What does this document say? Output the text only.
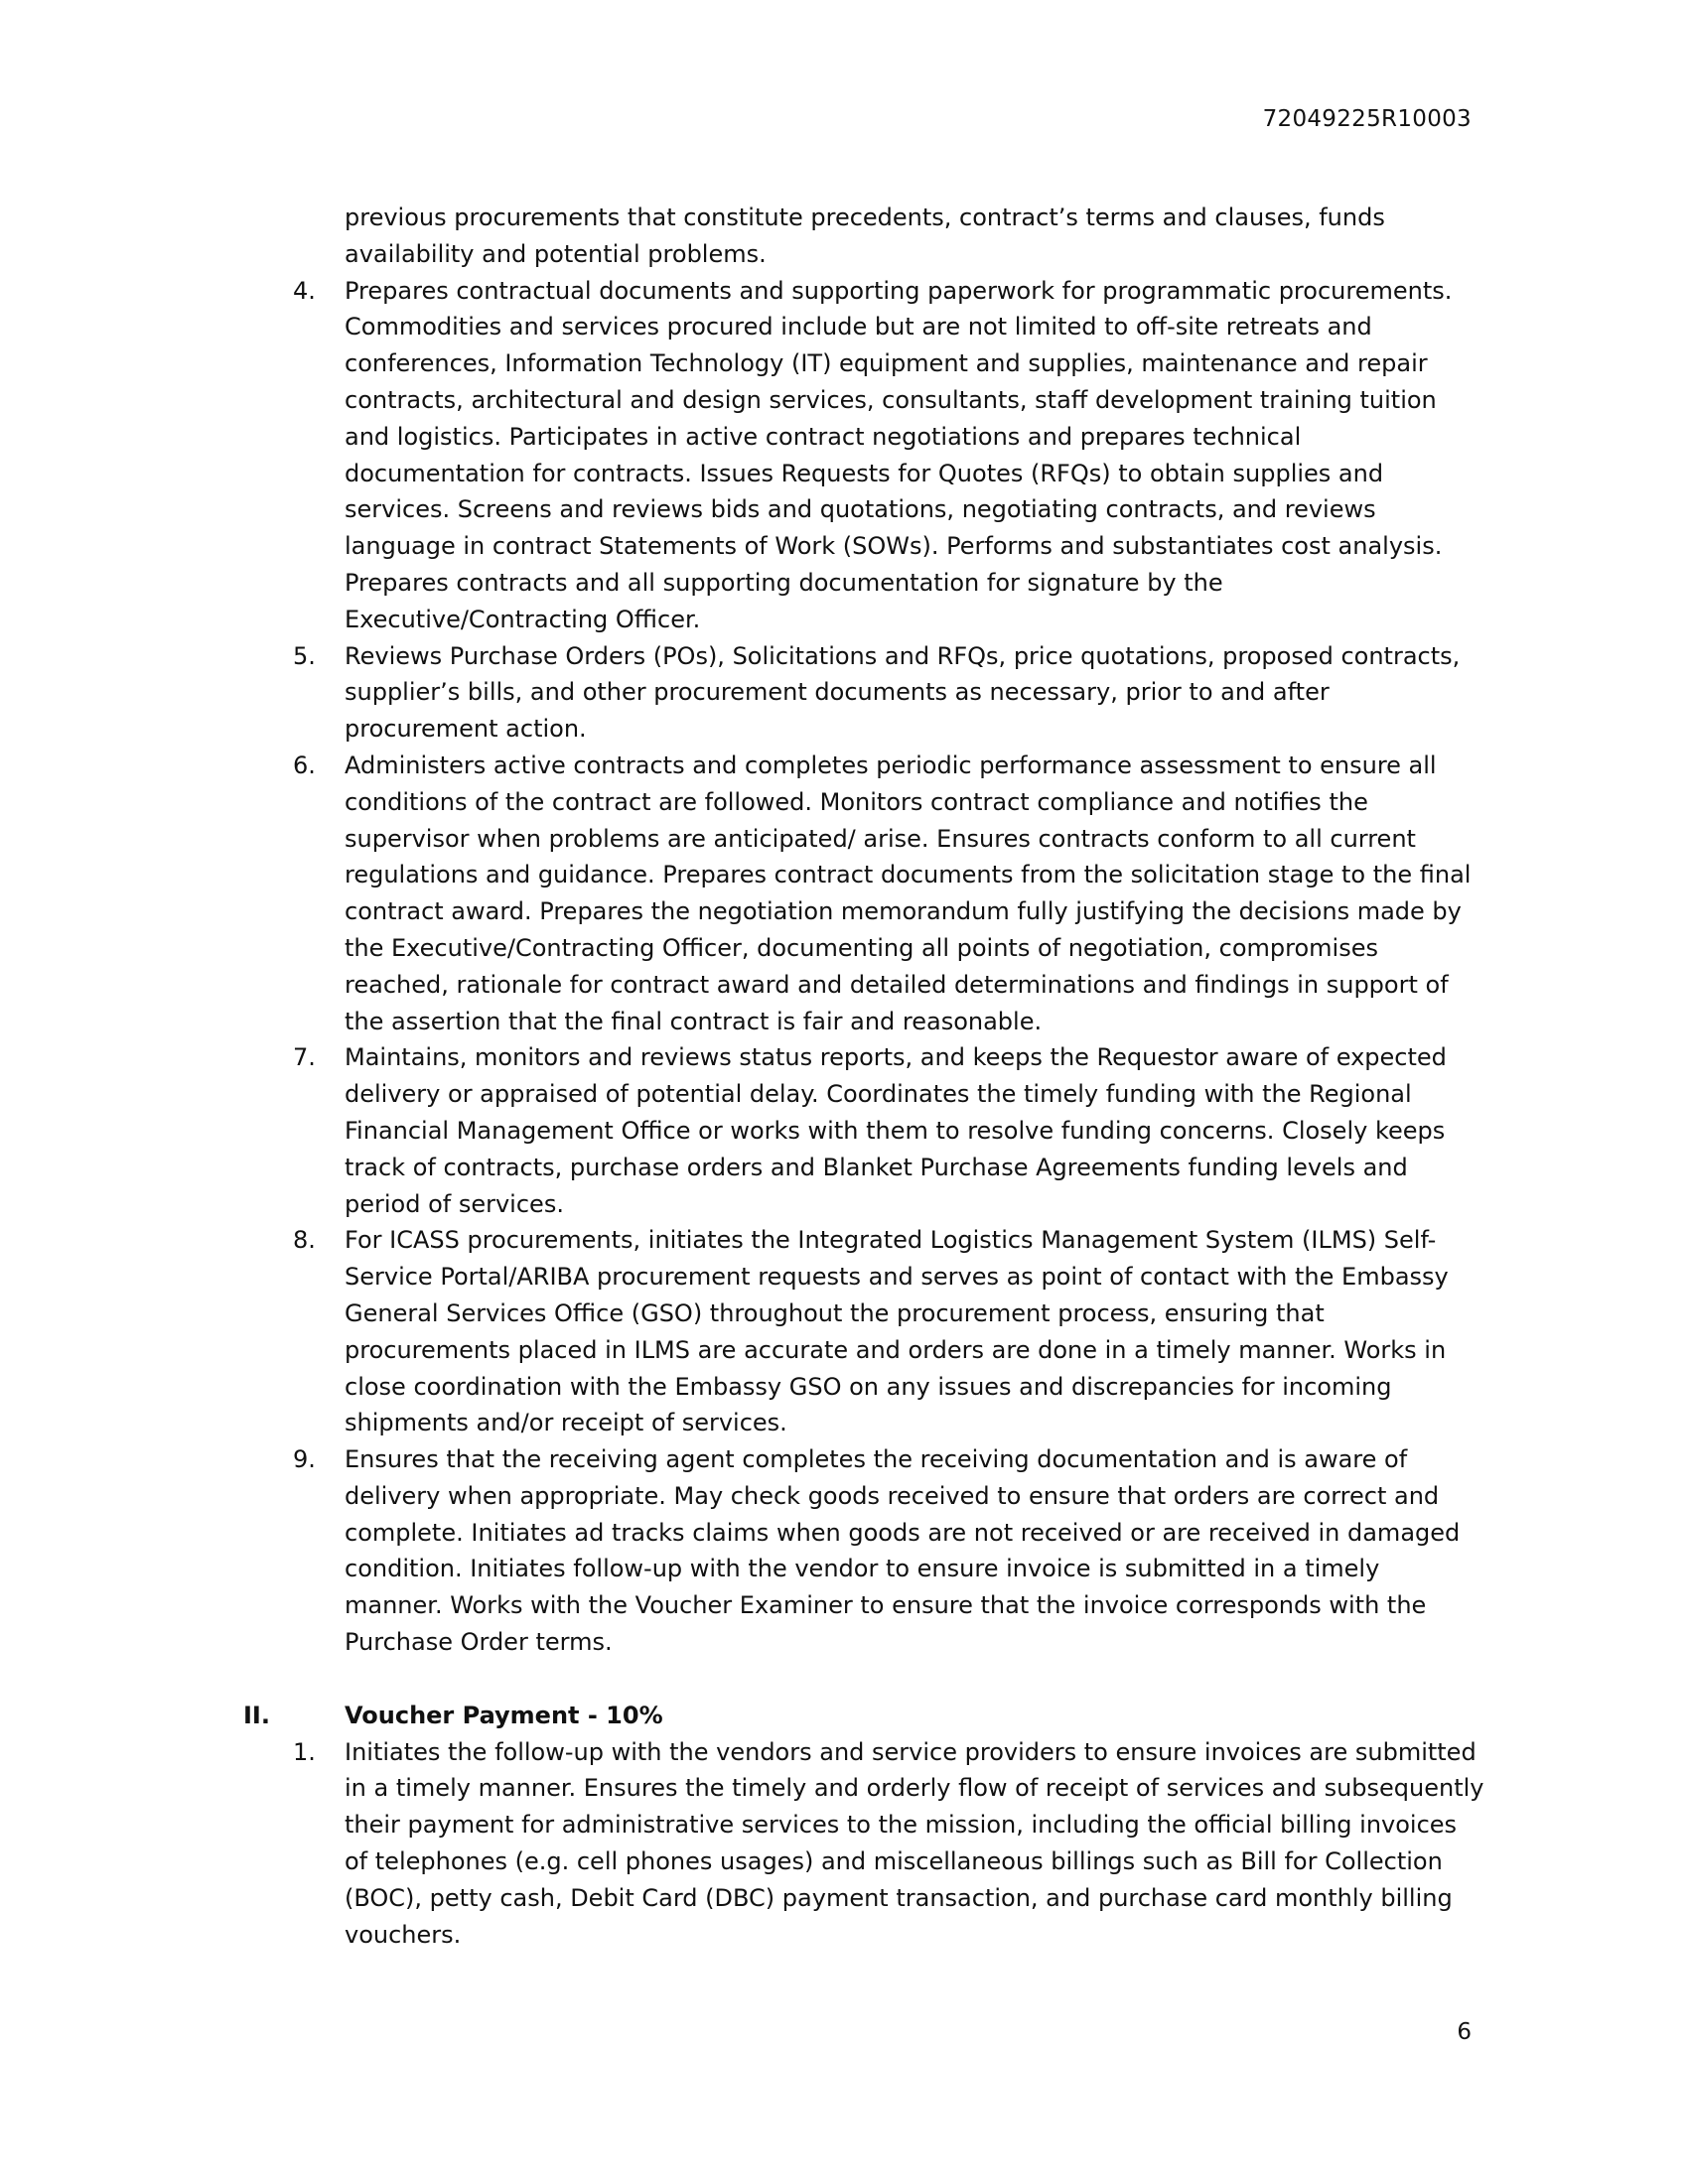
72049225R10003
previous procurements that constitute precedents, contract’s terms and clauses, funds availability and potential problems.
4. Prepares contractual documents and supporting paperwork for programmatic procurements. Commodities and services procured include but are not limited to off-site retreats and conferences, Information Technology (IT) equipment and supplies, maintenance and repair contracts, architectural and design services, consultants, staff development training tuition and logistics. Participates in active contract negotiations and prepares technical documentation for contracts. Issues Requests for Quotes (RFQs) to obtain supplies and services. Screens and reviews bids and quotations, negotiating contracts, and reviews language in contract Statements of Work (SOWs). Performs and substantiates cost analysis. Prepares contracts and all supporting documentation for signature by the Executive/Contracting Officer.
5. Reviews Purchase Orders (POs), Solicitations and RFQs, price quotations, proposed contracts, supplier’s bills, and other procurement documents as necessary, prior to and after procurement action.
6. Administers active contracts and completes periodic performance assessment to ensure all conditions of the contract are followed. Monitors contract compliance and notifies the supervisor when problems are anticipated/ arise. Ensures contracts conform to all current regulations and guidance. Prepares contract documents from the solicitation stage to the final contract award. Prepares the negotiation memorandum fully justifying the decisions made by the Executive/Contracting Officer, documenting all points of negotiation, compromises reached, rationale for contract award and detailed determinations and findings in support of the assertion that the final contract is fair and reasonable.
7. Maintains, monitors and reviews status reports, and keeps the Requestor aware of expected delivery or appraised of potential delay. Coordinates the timely funding with the Regional Financial Management Office or works with them to resolve funding concerns. Closely keeps track of contracts, purchase orders and Blanket Purchase Agreements funding levels and period of services.
8. For ICASS procurements, initiates the Integrated Logistics Management System (ILMS) Self-Service Portal/ARIBA procurement requests and serves as point of contact with the Embassy General Services Office (GSO) throughout the procurement process, ensuring that procurements placed in ILMS are accurate and orders are done in a timely manner. Works in close coordination with the Embassy GSO on any issues and discrepancies for incoming shipments and/or receipt of services.
9. Ensures that the receiving agent completes the receiving documentation and is aware of delivery when appropriate. May check goods received to ensure that orders are correct and complete. Initiates ad tracks claims when goods are not received or are received in damaged condition. Initiates follow-up with the vendor to ensure invoice is submitted in a timely manner. Works with the Voucher Examiner to ensure that the invoice corresponds with the Purchase Order terms.
II.	Voucher Payment - 10%
1. Initiates the follow-up with the vendors and service providers to ensure invoices are submitted in a timely manner. Ensures the timely and orderly flow of receipt of services and subsequently their payment for administrative services to the mission, including the official billing invoices of telephones (e.g. cell phones usages) and miscellaneous billings such as Bill for Collection (BOC), petty cash, Debit Card (DBC) payment transaction, and purchase card monthly billing vouchers.
6
